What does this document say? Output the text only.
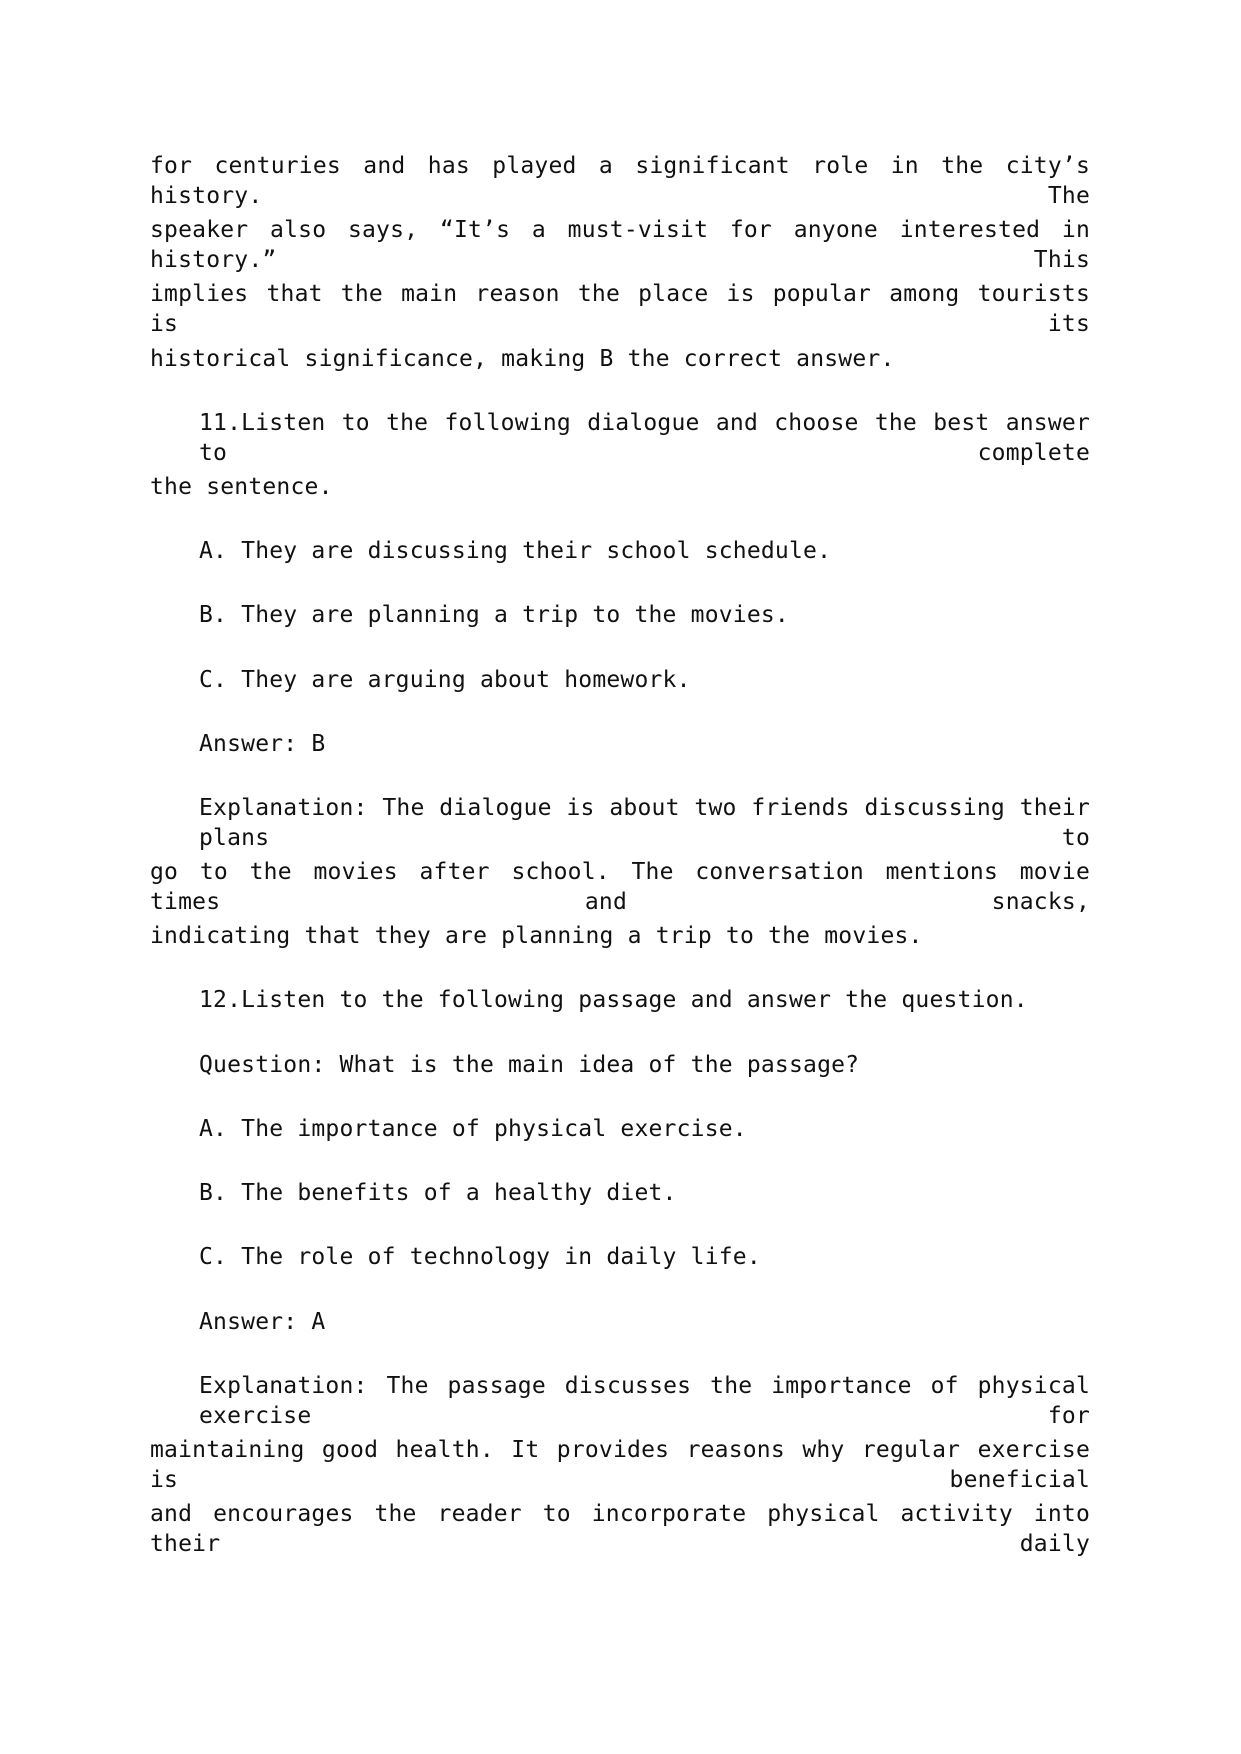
for centuries and has played a significant role in the city’s history. The
speaker also says, “It’s a must-visit for anyone interested in history.” This
implies that the main reason the place is popular among tourists is its
historical significance, making B the correct answer.
11.Listen to the following dialogue and choose the best answer to complete
the sentence.
A. They are discussing their school schedule.
B. They are planning a trip to the movies.
C. They are arguing about homework.
Answer: B
Explanation: The dialogue is about two friends discussing their plans to
go to the movies after school. The conversation mentions movie times and snacks,
indicating that they are planning a trip to the movies.
12.Listen to the following passage and answer the question.
Question: What is the main idea of the passage?
A. The importance of physical exercise.
B. The benefits of a healthy diet.
C. The role of technology in daily life.
Answer: A
Explanation: The passage discusses the importance of physical exercise for
maintaining good health. It provides reasons why regular exercise is beneficial
and encourages the reader to incorporate physical activity into their daily
